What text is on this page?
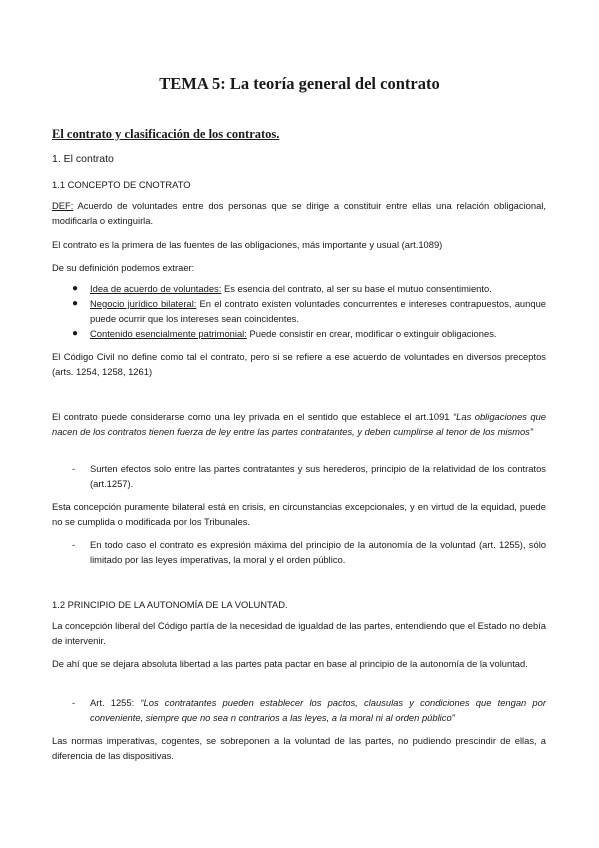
TEMA 5: La teoría general del contrato
El contrato y clasificación de los contratos.
1. El contrato
1.1 CONCEPTO DE CNOTRATO
DEF: Acuerdo de voluntades entre dos personas que se dirige a constituir entre ellas una relación obligacional, modificarla o extinguirla.
El contrato es la primera de las fuentes de las obligaciones, más importante y usual (art.1089)
De su definición podemos extraer:
● Idea de acuerdo de voluntades: Es esencia del contrato, al ser su base el mutuo consentimiento.
● Negocio jurídico bilateral: En el contrato existen voluntades concurrentes e intereses contrapuestos, aunque puede ocurrir que los intereses sean coincidentes.
● Contenido esencialmente patrimonial: Puede consistir en crear, modificar o extinguir obligaciones.
El Código Civil no define como tal el contrato, pero si se refiere a ese acuerdo de voluntades en diversos preceptos (arts. 1254, 1258, 1261)
El contrato puede considerarse como una ley privada en el sentido que establece el art.1091 “Las obligaciones que nacen de los contratos tienen fuerza de ley entre las partes contratantes, y deben cumplirse al tenor de los mismos”
- Surten efectos solo entre las partes contratantes y sus herederos, principio de la relatividad de los contratos (art.1257).
Esta concepción puramente bilateral está en crisis, en circunstancias excepcionales, y en virtud de la equidad, puede no se cumplida o modificada por los Tribunales.
- En todo caso el contrato es expresión máxima del principio de la autonomía de la voluntad (art. 1255), sólo limitado por las leyes imperativas, la moral y el orden público.
1.2 PRINCIPIO DE LA AUTONOMÍA DE LA VOLUNTAD.
La concepción liberal del Código partía de la necesidad de igualdad de las partes, entendiendo que el Estado no debía de intervenir.
De ahí que se dejara absoluta libertad a las partes pata pactar en base al principio de la autonomía de la voluntad.
- Art. 1255: “Los contratantes pueden establecer los pactos, clausulas y condiciones que tengan por conveniente, siempre que no sea n contrarios a las leyes, a la moral ni al orden público”
Las normas imperativas, cogentes, se sobreponen a la voluntad de las partes, no pudiendo prescindir de ellas, a diferencia de las dispositivas.
